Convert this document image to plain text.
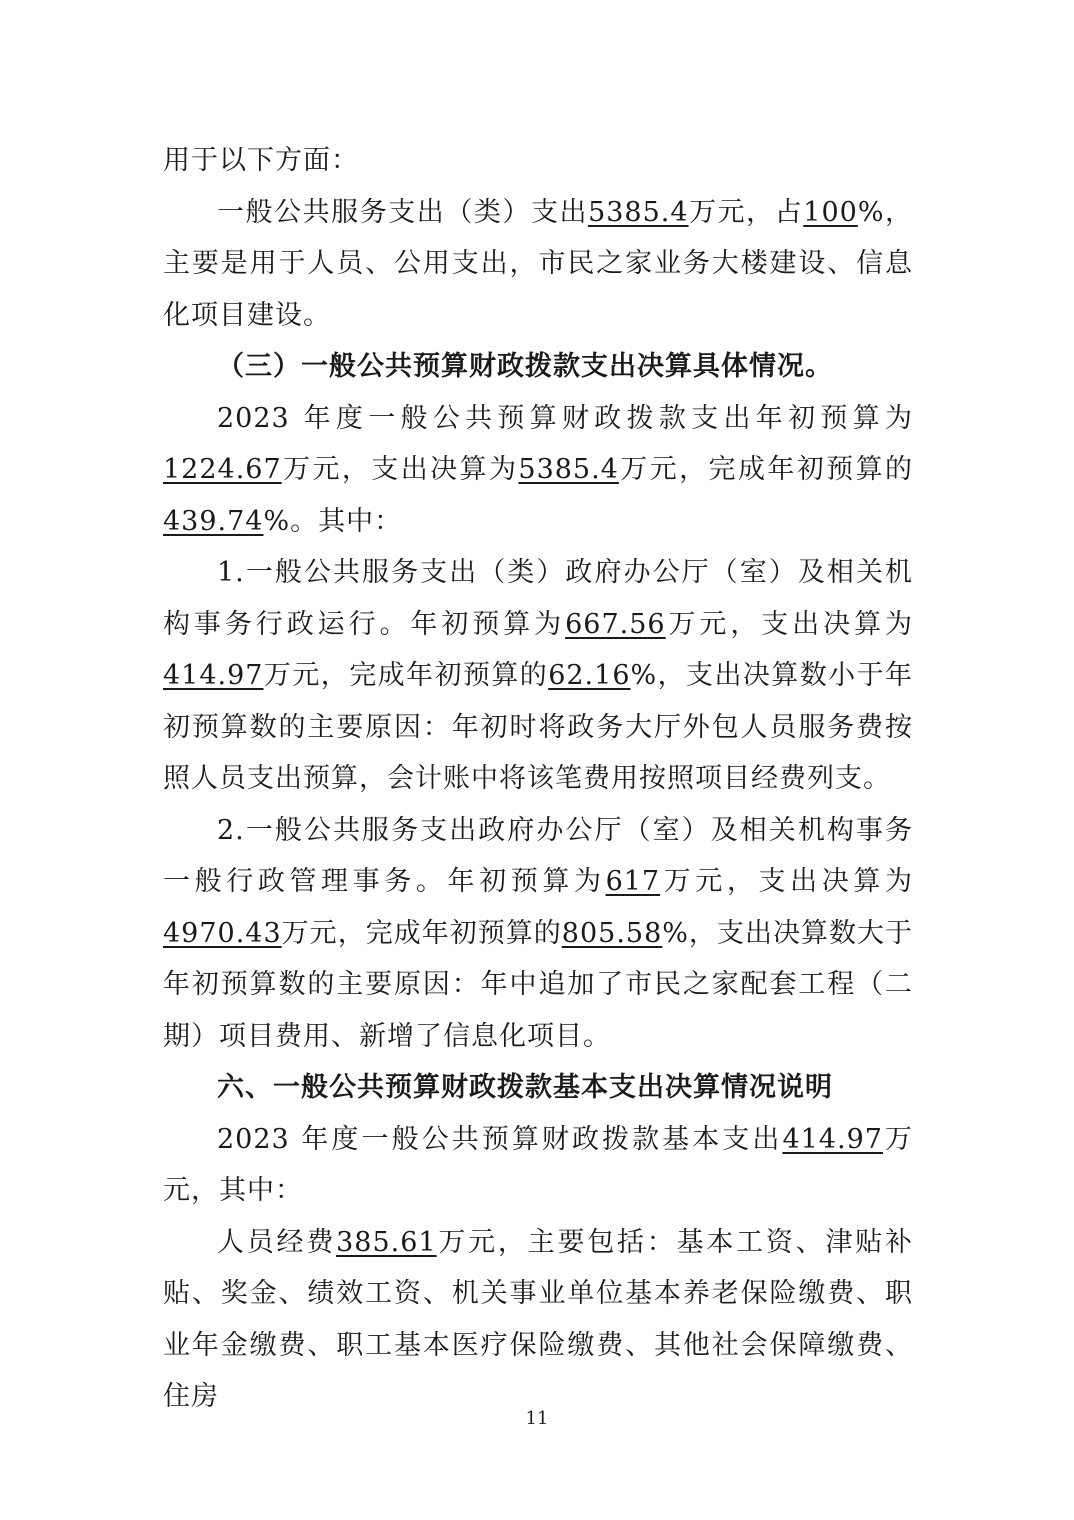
用于以下方面：

一般公共服务支出（类）支出5385.4万元，占100%，主要是用于人员、公用支出，市民之家业务大楼建设、信息化项目建设。

（三）一般公共预算财政拨款支出决算具体情况。

2023 年度一般公共预算财政拨款支出年初预算为1224.67万元，支出决算为5385.4万元，完成年初预算的439.74%。其中：

1.一般公共服务支出（类）政府办公厅（室）及相关机构事务行政运行。年初预算为667.56万元，支出决算为414.97万元，完成年初预算的62.16%，支出决算数小于年初预算数的主要原因：年初时将政务大厅外包人员服务费按照人员支出预算，会计账中将该笔费用按照项目经费列支。

2.一般公共服务支出政府办公厅（室）及相关机构事务一般行政管理事务。年初预算为617万元，支出决算为4970.43万元，完成年初预算的805.58%，支出决算数大于年初预算数的主要原因：年中追加了市民之家配套工程（二期）项目费用、新增了信息化项目。

六、一般公共预算财政拨款基本支出决算情况说明

2023 年度一般公共预算财政拨款基本支出414.97万元，其中：

人员经费385.61万元，主要包括：基本工资、津贴补贴、奖金、绩效工资、机关事业单位基本养老保险缴费、职业年金缴费、职工基本医疗保险缴费、其他社会保障缴费、住房

11
